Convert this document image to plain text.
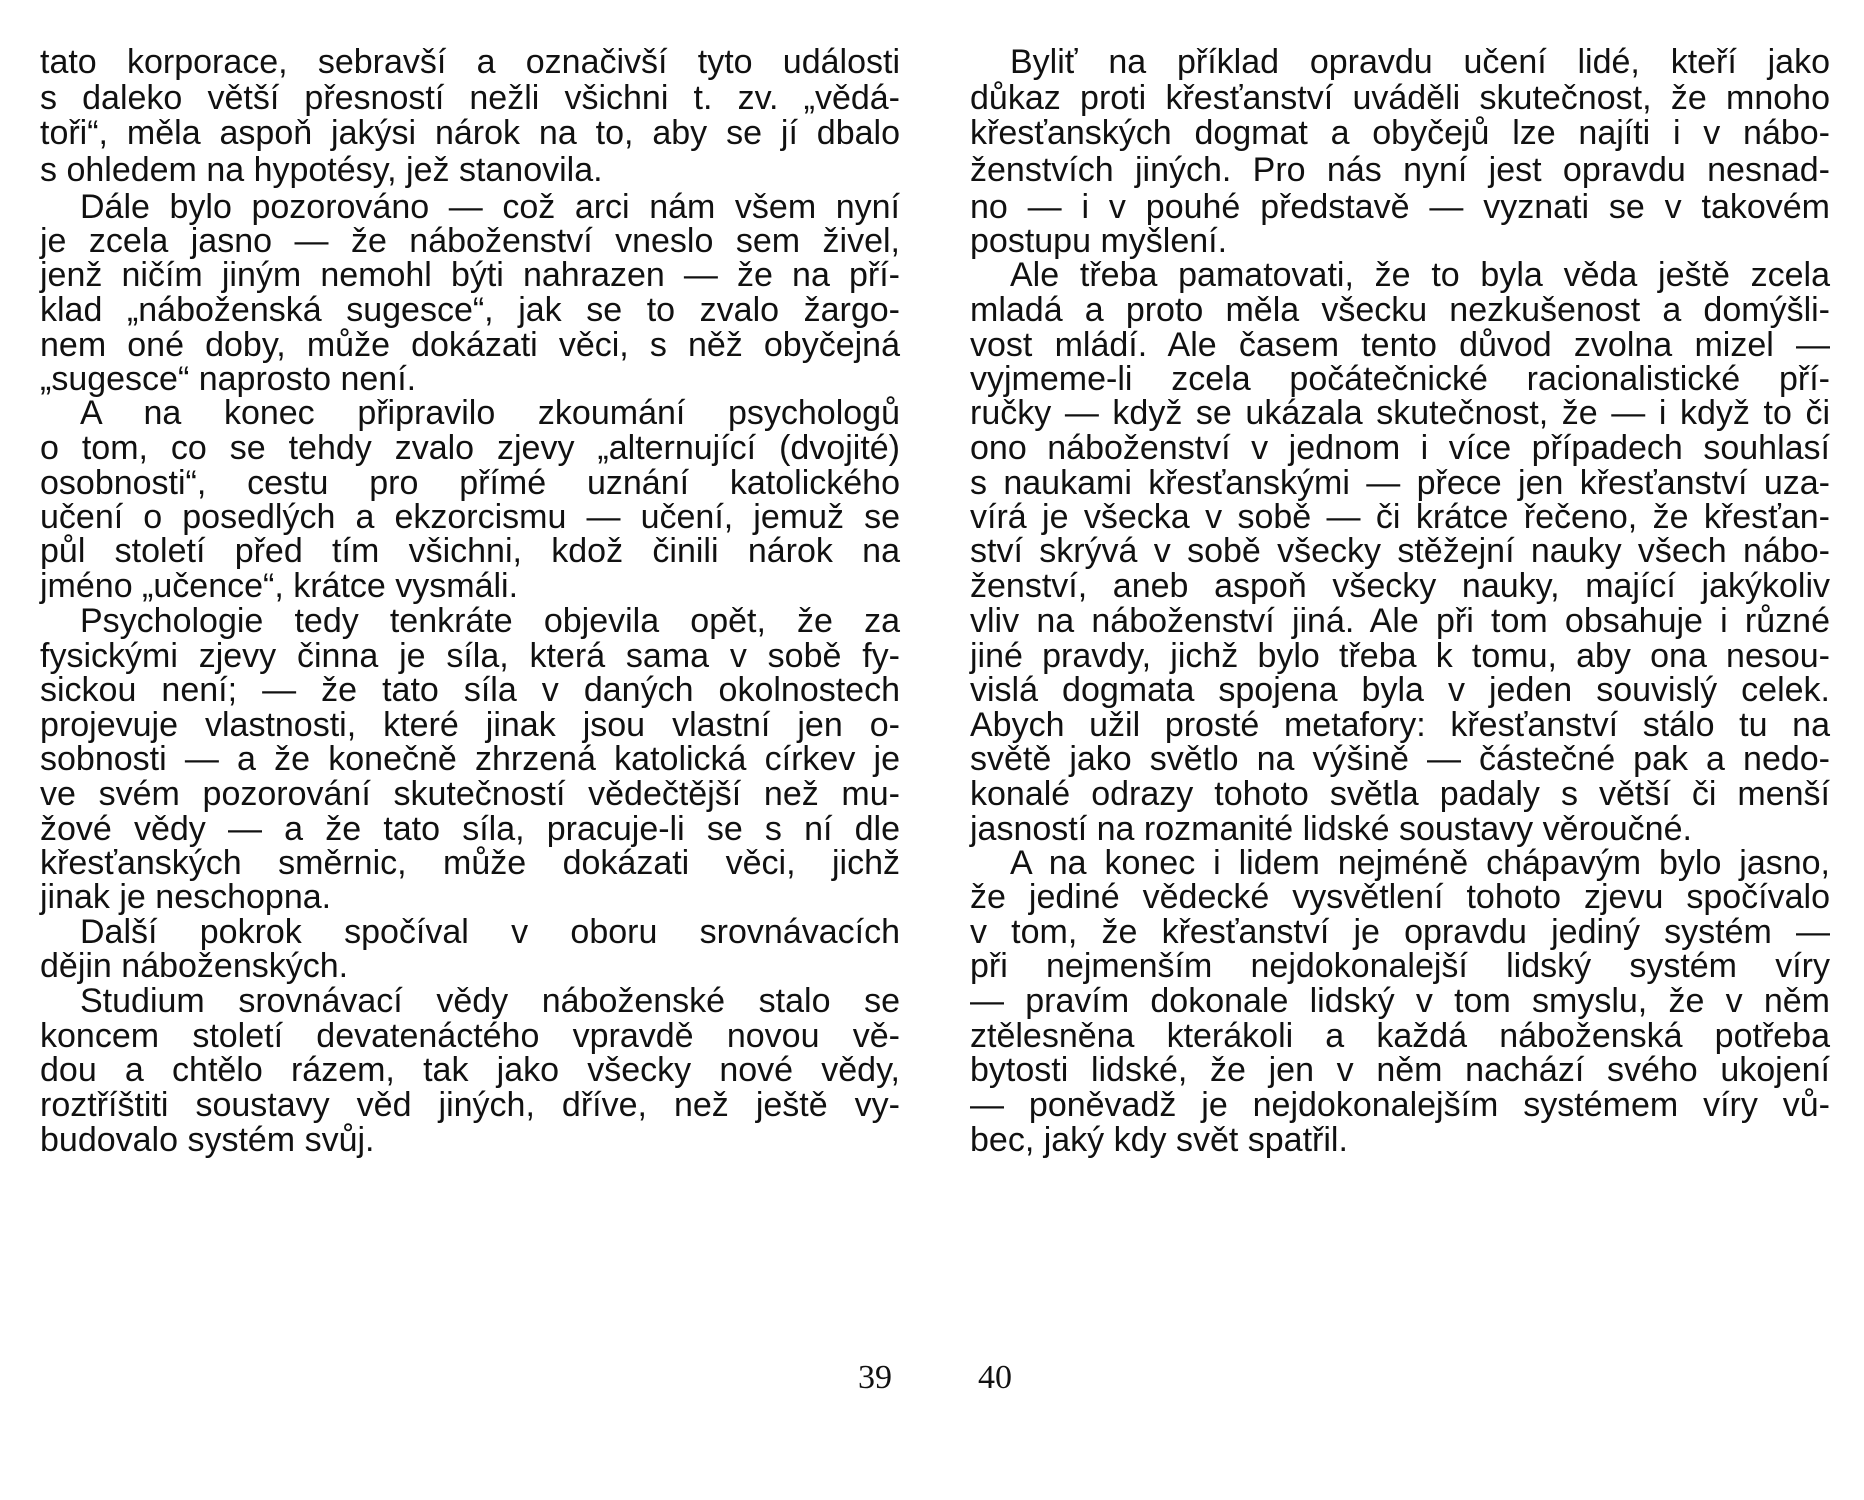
tato korporace, sebravší a označivší tyto události
s daleko větší přesností nežli všichni t. zv. „vědá-
toři“, měla aspoň jakýsi nárok na to, aby se jí dbalo
s ohledem na hypotésy, jež stanovila.
Dále bylo pozorováno — což arci nám všem nyní
je zcela jasno — že náboženství vneslo sem živel,
jenž ničím jiným nemohl býti nahrazen — že na pří-
klad „náboženská sugesce“, jak se to zvalo žargo-
nem oné doby, může dokázati věci, s něž obyčejná
„sugesce“ naprosto není.
A na konec připravilo zkoumání psychologů
o tom, co se tehdy zvalo zjevy „alternující (dvojité)
osobnosti“, cestu pro přímé uznání katolického
učení o posedlých a ekzorcismu — učení, jemuž se
půl století před tím všichni, kdož činili nárok na
jméno „učence“, krátce vysmáli.
Psychologie tedy tenkráte objevila opět, že za
fysickými zjevy činna je síla, která sama v sobě fy-
sickou není; — že tato síla v daných okolnostech
projevuje vlastnosti, které jinak jsou vlastní jen o-
sobnosti — a že konečně zhrzená katolická církev je
ve svém pozorování skutečností vědečtější než mu-
žové vědy — a že tato síla, pracuje-li se s ní dle
křesťanských směrnic, může dokázati věci, jichž
jinak je neschopna.
Další pokrok spočíval v oboru srovnávacích
dějin náboženských.
Studium srovnávací vědy náboženské stalo se
koncem století devatenáctého vpravdě novou vě-
dou a chtělo rázem, tak jako všecky nové vědy,
roztříštiti soustavy věd jiných, dříve, než ještě vy-
budovalo systém svůj.
Byliť na příklad opravdu učení lidé, kteří jako
důkaz proti křesťanství uváděli skutečnost, že mnoho
křesťanských dogmat a obyčejů lze najíti i v nábo-
ženstvích jiných. Pro nás nyní jest opravdu nesnad-
no — i v pouhé představě — vyznati se v takovém
postupu myšlení.
Ale třeba pamatovati, že to byla věda ještě zcela
mladá a proto měla všecku nezkušenost a domýšli-
vost mládí. Ale časem tento důvod zvolna mizel —
vyjmeme-li zcela počátečnické racionalistické pří-
ručky — když se ukázala skutečnost, že — i když to či
ono náboženství v jednom i více případech souhlasí
s naukami křesťanskými — přece jen křesťanství uza-
vírá je všecka v sobě — či krátce řečeno, že křesťan-
ství skrývá v sobě všecky stěžejní nauky všech nábo-
ženství, aneb aspoň všecky nauky, mající jakýkoliv
vliv na náboženství jiná. Ale při tom obsahuje i různé
jiné pravdy, jichž bylo třeba k tomu, aby ona nesou-
vislá dogmata spojena byla v jeden souvislý celek.
Abych užil prosté metafory: křesťanství stálo tu na
světě jako světlo na výšině — částečné pak a nedo-
konalé odrazy tohoto světla padaly s větší či menší
jasností na rozmanité lidské soustavy věroučné.
A na konec i lidem nejméně chápavým bylo jasno,
že jediné vědecké vysvětlení tohoto zjevu spočívalo
v tom, že křesťanství je opravdu jediný systém —
při nejmenším nejdokonalejší lidský systém víry
— pravím dokonale lidský v tom smyslu, že v něm
ztělesněna kterákoli a každá náboženská potřeba
bytosti lidské, že jen v něm nachází svého ukojení
— poněvadž je nejdokonalejším systémem víry vů-
bec, jaký kdy svět spatřil.
39	40
